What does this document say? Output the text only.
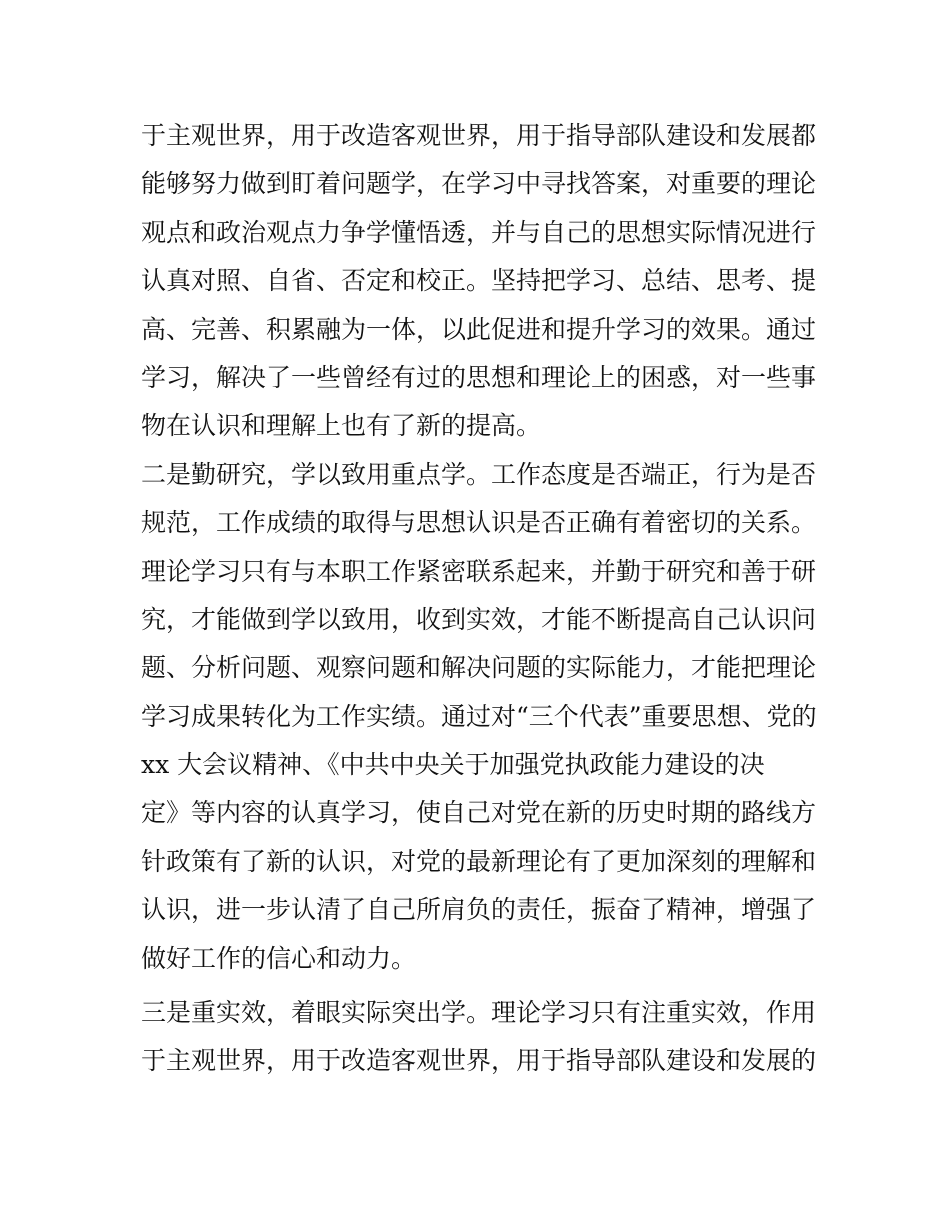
于主观世界，用于改造客观世界，用于指导部队建设和发展都
能够努力做到盯着问题学，在学习中寻找答案，对重要的理论
观点和政治观点力争学懂悟透，并与自己的思想实际情况进行
认真对照、自省、否定和校正。坚持把学习、总结、思考、提
高、完善、积累融为一体，以此促进和提升学习的效果。通过
学习，解决了一些曾经有过的思想和理论上的困惑，对一些事
物在认识和理解上也有了新的提高。
二是勤研究，学以致用重点学。工作态度是否端正，行为是否
规范，工作成绩的取得与思想认识是否正确有着密切的关系。
理论学习只有与本职工作紧密联系起来，并勤于研究和善于研
究，才能做到学以致用，收到实效，才能不断提高自己认识问
题、分析问题、观察问题和解决问题的实际能力，才能把理论
学习成果转化为工作实绩。通过对“三个代表”重要思想、党的
xx 大会议精神、《中共中央关于加强党执政能力建设的决
定》等内容的认真学习，使自己对党在新的历史时期的路线方
针政策有了新的认识，对党的最新理论有了更加深刻的理解和
认识，进一步认清了自己所肩负的责任，振奋了精神，增强了
做好工作的信心和动力。
三是重实效，着眼实际突出学。理论学习只有注重实效，作用
于主观世界，用于改造客观世界，用于指导部队建设和发展的
